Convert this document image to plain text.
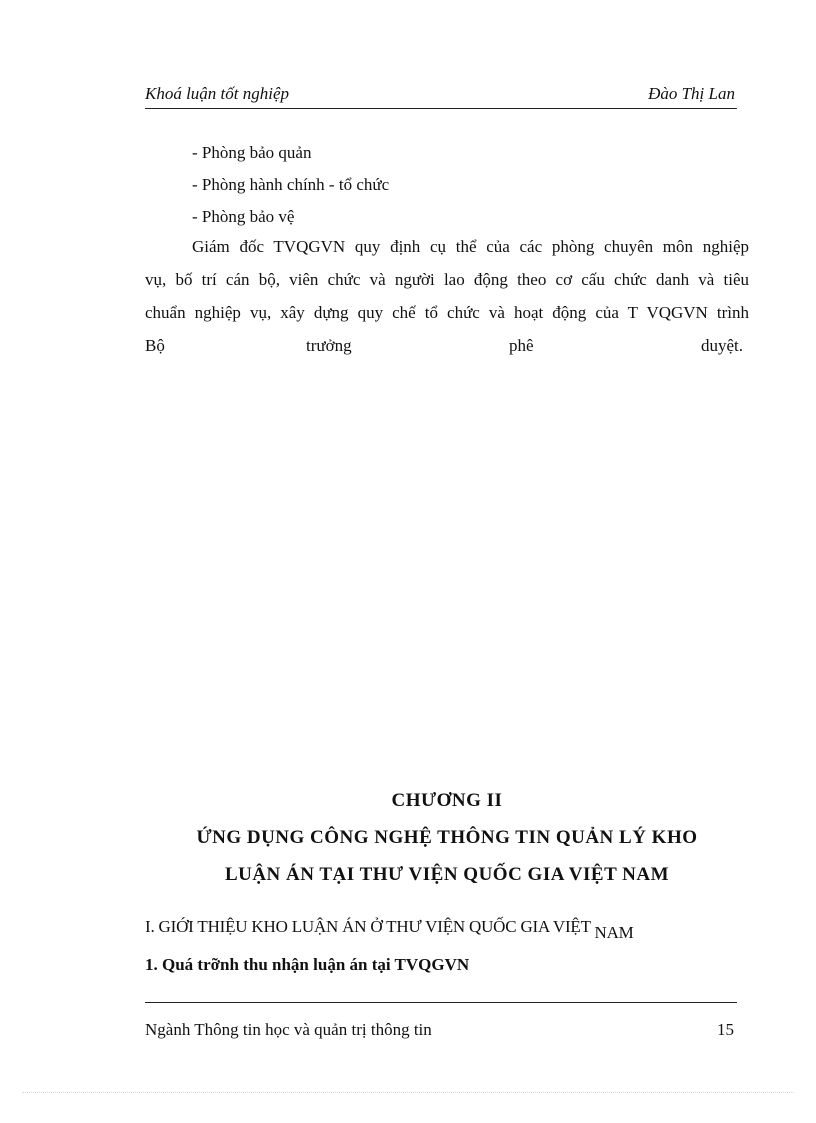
Khoá luận tốt nghiệp	Đào Thị Lan
- Phòng bảo quản
- Phòng hành chính - tổ chức
- Phòng bảo vệ
Giám đốc TVQGVN quy định cụ thể của các phòng chuyên môn nghiệp
vụ, bố trí cán bộ, viên chức và người lao động theo cơ cấu chức danh và tiêu
chuẩn nghiệp vụ, xây dựng quy chế tổ chức và hoạt động của T VQGVN trình
Bộ	trưởng	phê	duyệt.
CHƯƠNG II
ỨNG DỤNG CÔNG NGHỆ THÔNG TIN QUẢN LÝ KHO
LUẬN ÁN TẠI THƯ VIỆN QUỐC GIA VIỆT NAM
I. GIỚI THIỆU KHO LUẬN ÁN Ở THƯ VIỆN QUỐC GIA VIỆT NAM
1. Quá trỡnh thu nhận luận án tại TVQGVN
Ngành Thông tin học và quản trị thông tin	15
